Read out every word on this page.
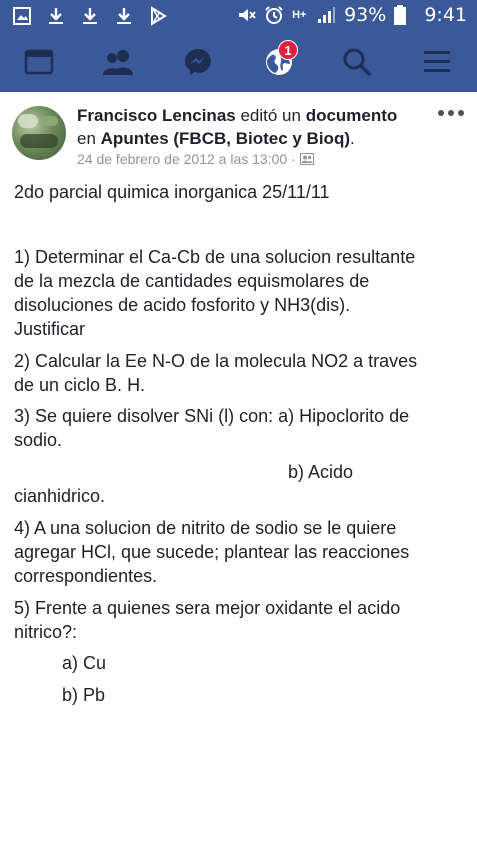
H+ 93% 9:41
1
Francisco Lencinas editó un documento
en Apuntes (FBCB, Biotec y Bioq).
24 de febrero de 2012 a las 13:00 ·

2do parcial quimica inorganica 25/11/11

1) Determinar el Ca-Cb de una solucion resultante

de la mezcla de cantidades equismolares de

disoluciones de acido fosforito y NH3(dis).

Justificar

2) Calcular la Ee N-O de la molecula NO2 a traves

de un ciclo B. H.

3) Se quiere disolver SNi (l) con: a) Hipoclorito de

sodio.

b) Acido

cianhidrico.

4) A una solucion de nitrito de sodio se le quiere

agregar HCl, que sucede; plantear las reacciones

correspondientes.

5) Frente a quienes sera mejor oxidante el acido

nitrico?:

a) Cu

b) Pb
